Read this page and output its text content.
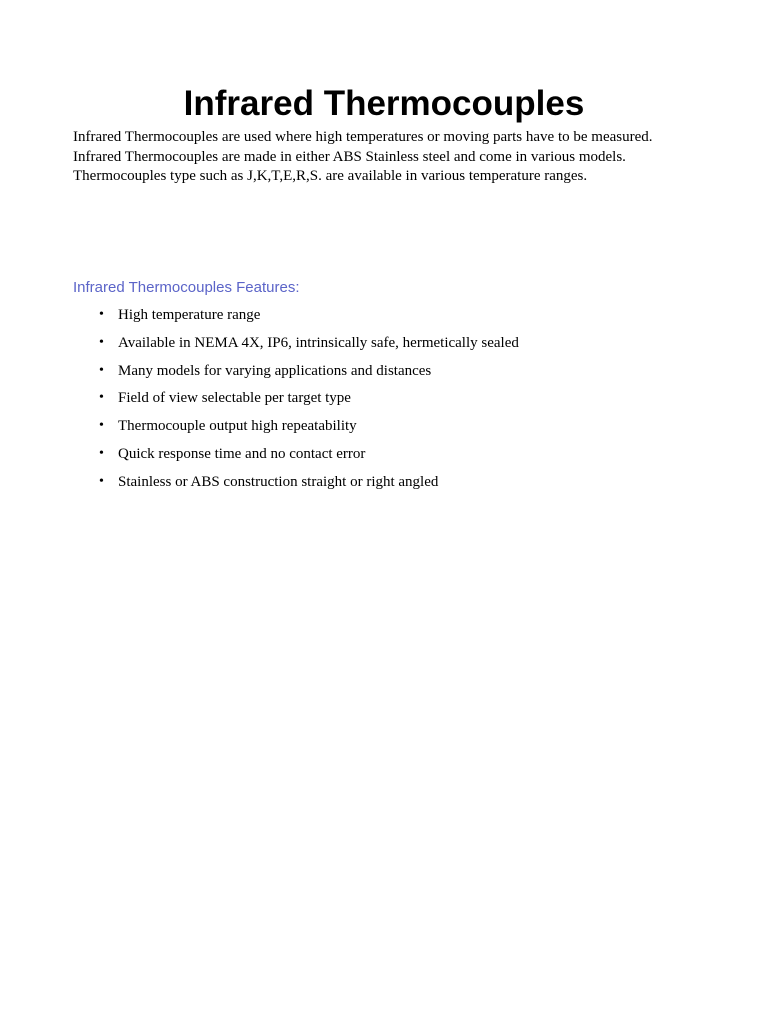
Infrared Thermocouples

Infrared Thermocouples are used where high temperatures or moving parts have to be measured.
Infrared Thermocouples are made in either ABS Stainless steel and come in various models.
Thermocouples type such as J,K,T,E,R,S. are available in various temperature ranges.

Infrared Thermocouples Features:

• High temperature range
• Available in NEMA 4X, IP6, intrinsically safe, hermetically sealed
• Many models for varying applications and distances
• Field of view selectable per target type
• Thermocouple output high repeatability
• Quick response time and no contact error
• Stainless or ABS construction straight or right angled
